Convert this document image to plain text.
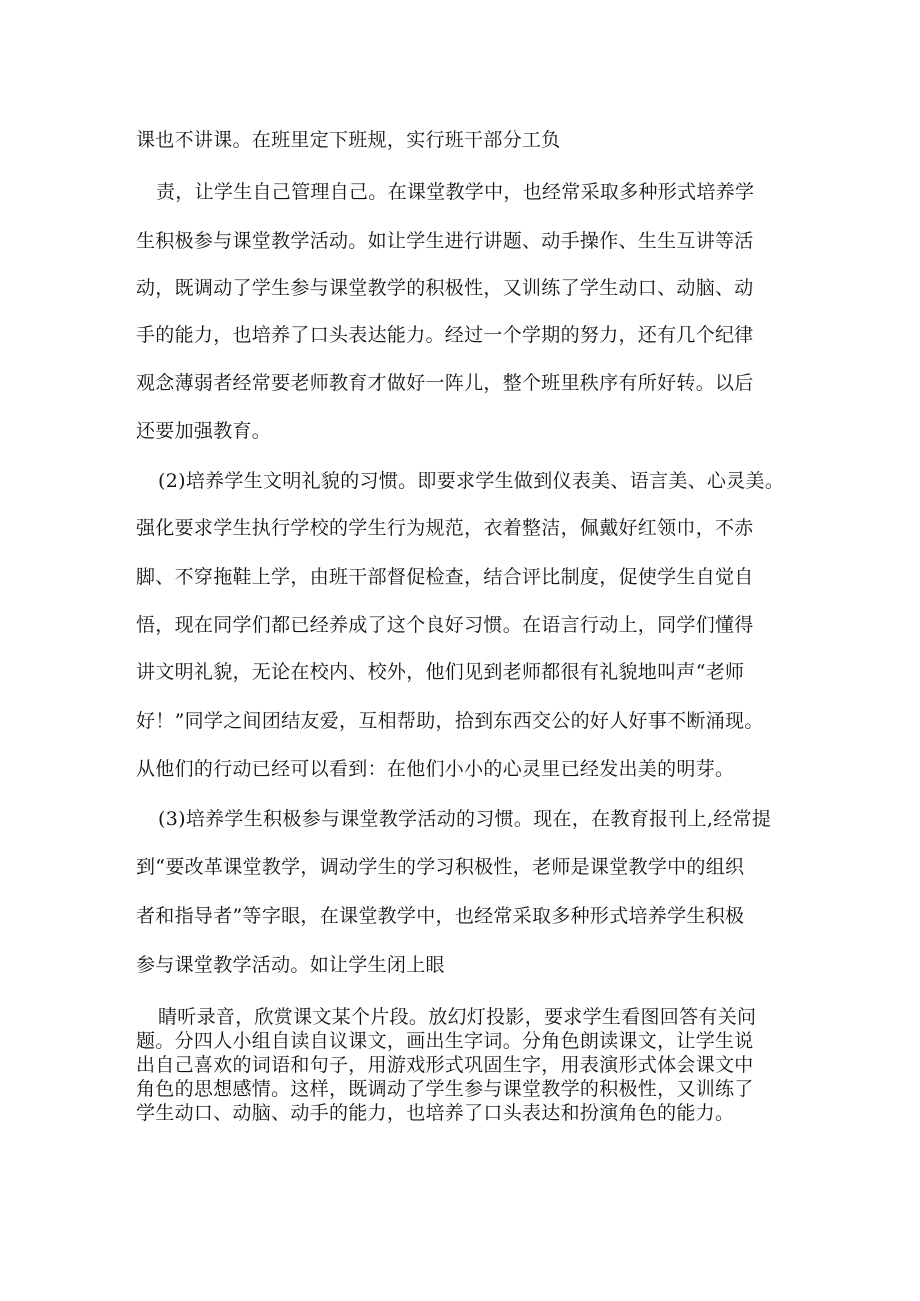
课也不讲课。在班里定下班规，实行班干部分工负
责，让学生自己管理自己。在课堂教学中，也经常采取多种形式培养学
生积极参与课堂教学活动。如让学生进行讲题、动手操作、生生互讲等活
动，既调动了学生参与课堂教学的积极性，又训练了学生动口、动脑、动
手的能力，也培养了口头表达能力。经过一个学期的努力，还有几个纪律
观念薄弱者经常要老师教育才做好一阵儿，整个班里秩序有所好转。以后
还要加强教育。
(2)培养学生文明礼貌的习惯。即要求学生做到仪表美、语言美、心灵美。
强化要求学生执行学校的学生行为规范，衣着整洁，佩戴好红领巾，不赤
脚、不穿拖鞋上学，由班干部督促检查，结合评比制度，促使学生自觉自
悟，现在同学们都已经养成了这个良好习惯。在语言行动上，同学们懂得
讲文明礼貌，无论在校内、校外，他们见到老师都很有礼貌地叫声“老师
好！”同学之间团结友爱，互相帮助，拾到东西交公的好人好事不断涌现。
从他们的行动已经可以看到：在他们小小的心灵里已经发出美的明芽。
(3)培养学生积极参与课堂教学活动的习惯。现在，在教育报刊上,经常提
到“要改革课堂教学，调动学生的学习积极性，老师是课堂教学中的组织
者和指导者”等字眼，在课堂教学中，也经常采取多种形式培养学生积极
参与课堂教学活动。如让学生闭上眼
睛听录音，欣赏课文某个片段。放幻灯投影，要求学生看图回答有关问
题。分四人小组自读自议课文，画出生字词。分角色朗读课文，让学生说
出自己喜欢的词语和句子，用游戏形式巩固生字，用表演形式体会课文中
角色的思想感情。这样，既调动了学生参与课堂教学的积极性，又训练了
学生动口、动脑、动手的能力，也培养了口头表达和扮演角色的能力。
